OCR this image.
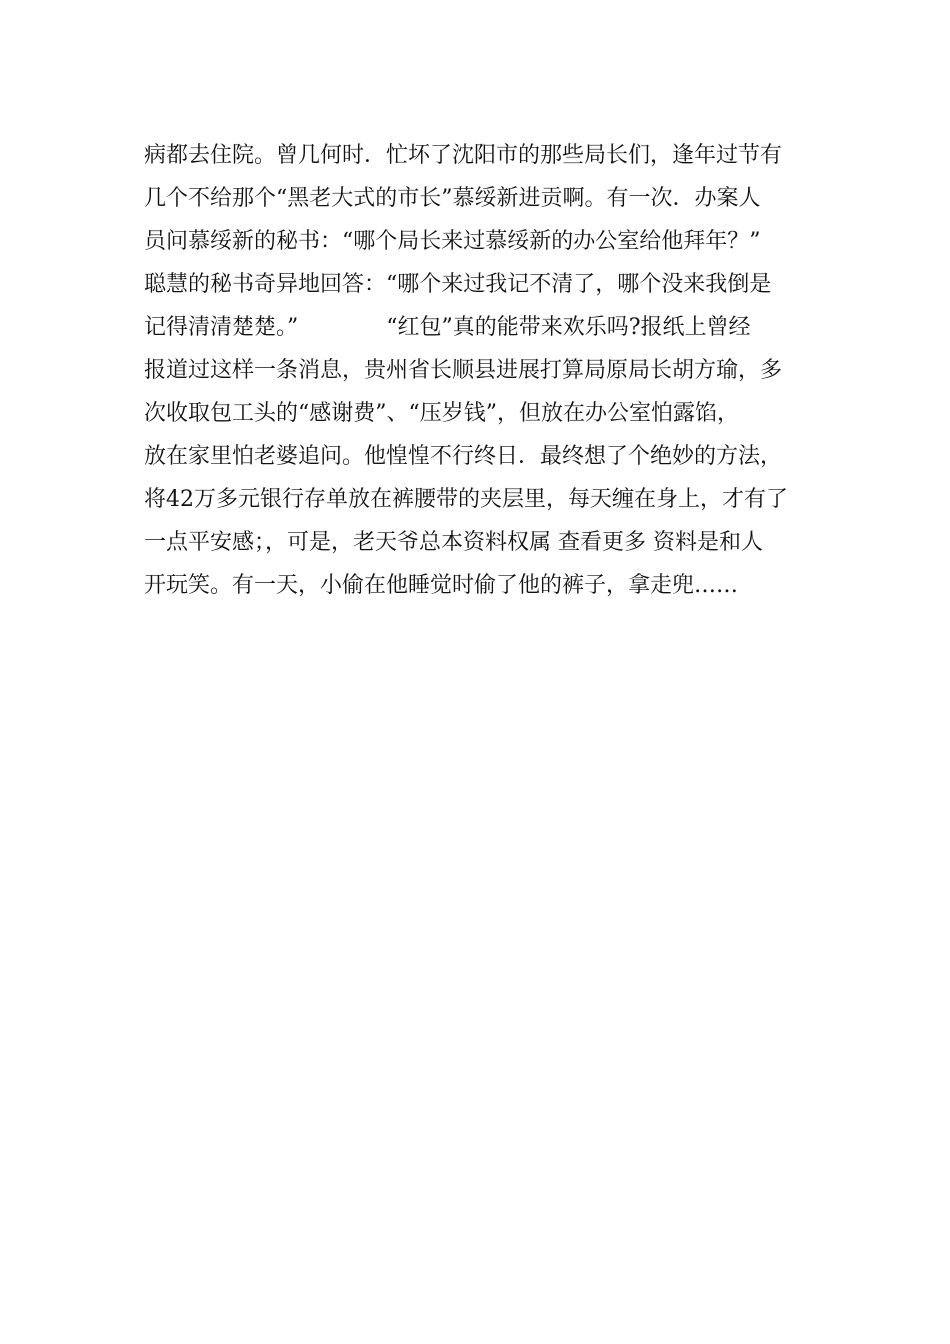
病都去住院。曾几何时．忙坏了沈阳市的那些局长们，逢年过节有
几个不给那个“黑老大式的市长”慕绥新进贡啊。有一次．办案人
员问慕绥新的秘书：“哪个局长来过慕绥新的办公室给他拜年？”
聪慧的秘书奇异地回答：“哪个来过我记不清了，哪个没来我倒是
记得清清楚楚。”　　　　“红包”真的能带来欢乐吗?报纸上曾经
报道过这样一条消息，贵州省长顺县进展打算局原局长胡方瑜，多
次收取包工头的“感谢费”、“压岁钱”，但放在办公室怕露馅，
放在家里怕老婆追问。他惶惶不行终日．最终想了个绝妙的方法，
将42万多元银行存单放在裤腰带的夹层里，每天缠在身上，才有了
一点平安感；，可是，老天爷总本资料权属 查看更多 资料是和人
开玩笑。有一天，小偷在他睡觉时偷了他的裤子，拿走兜……
